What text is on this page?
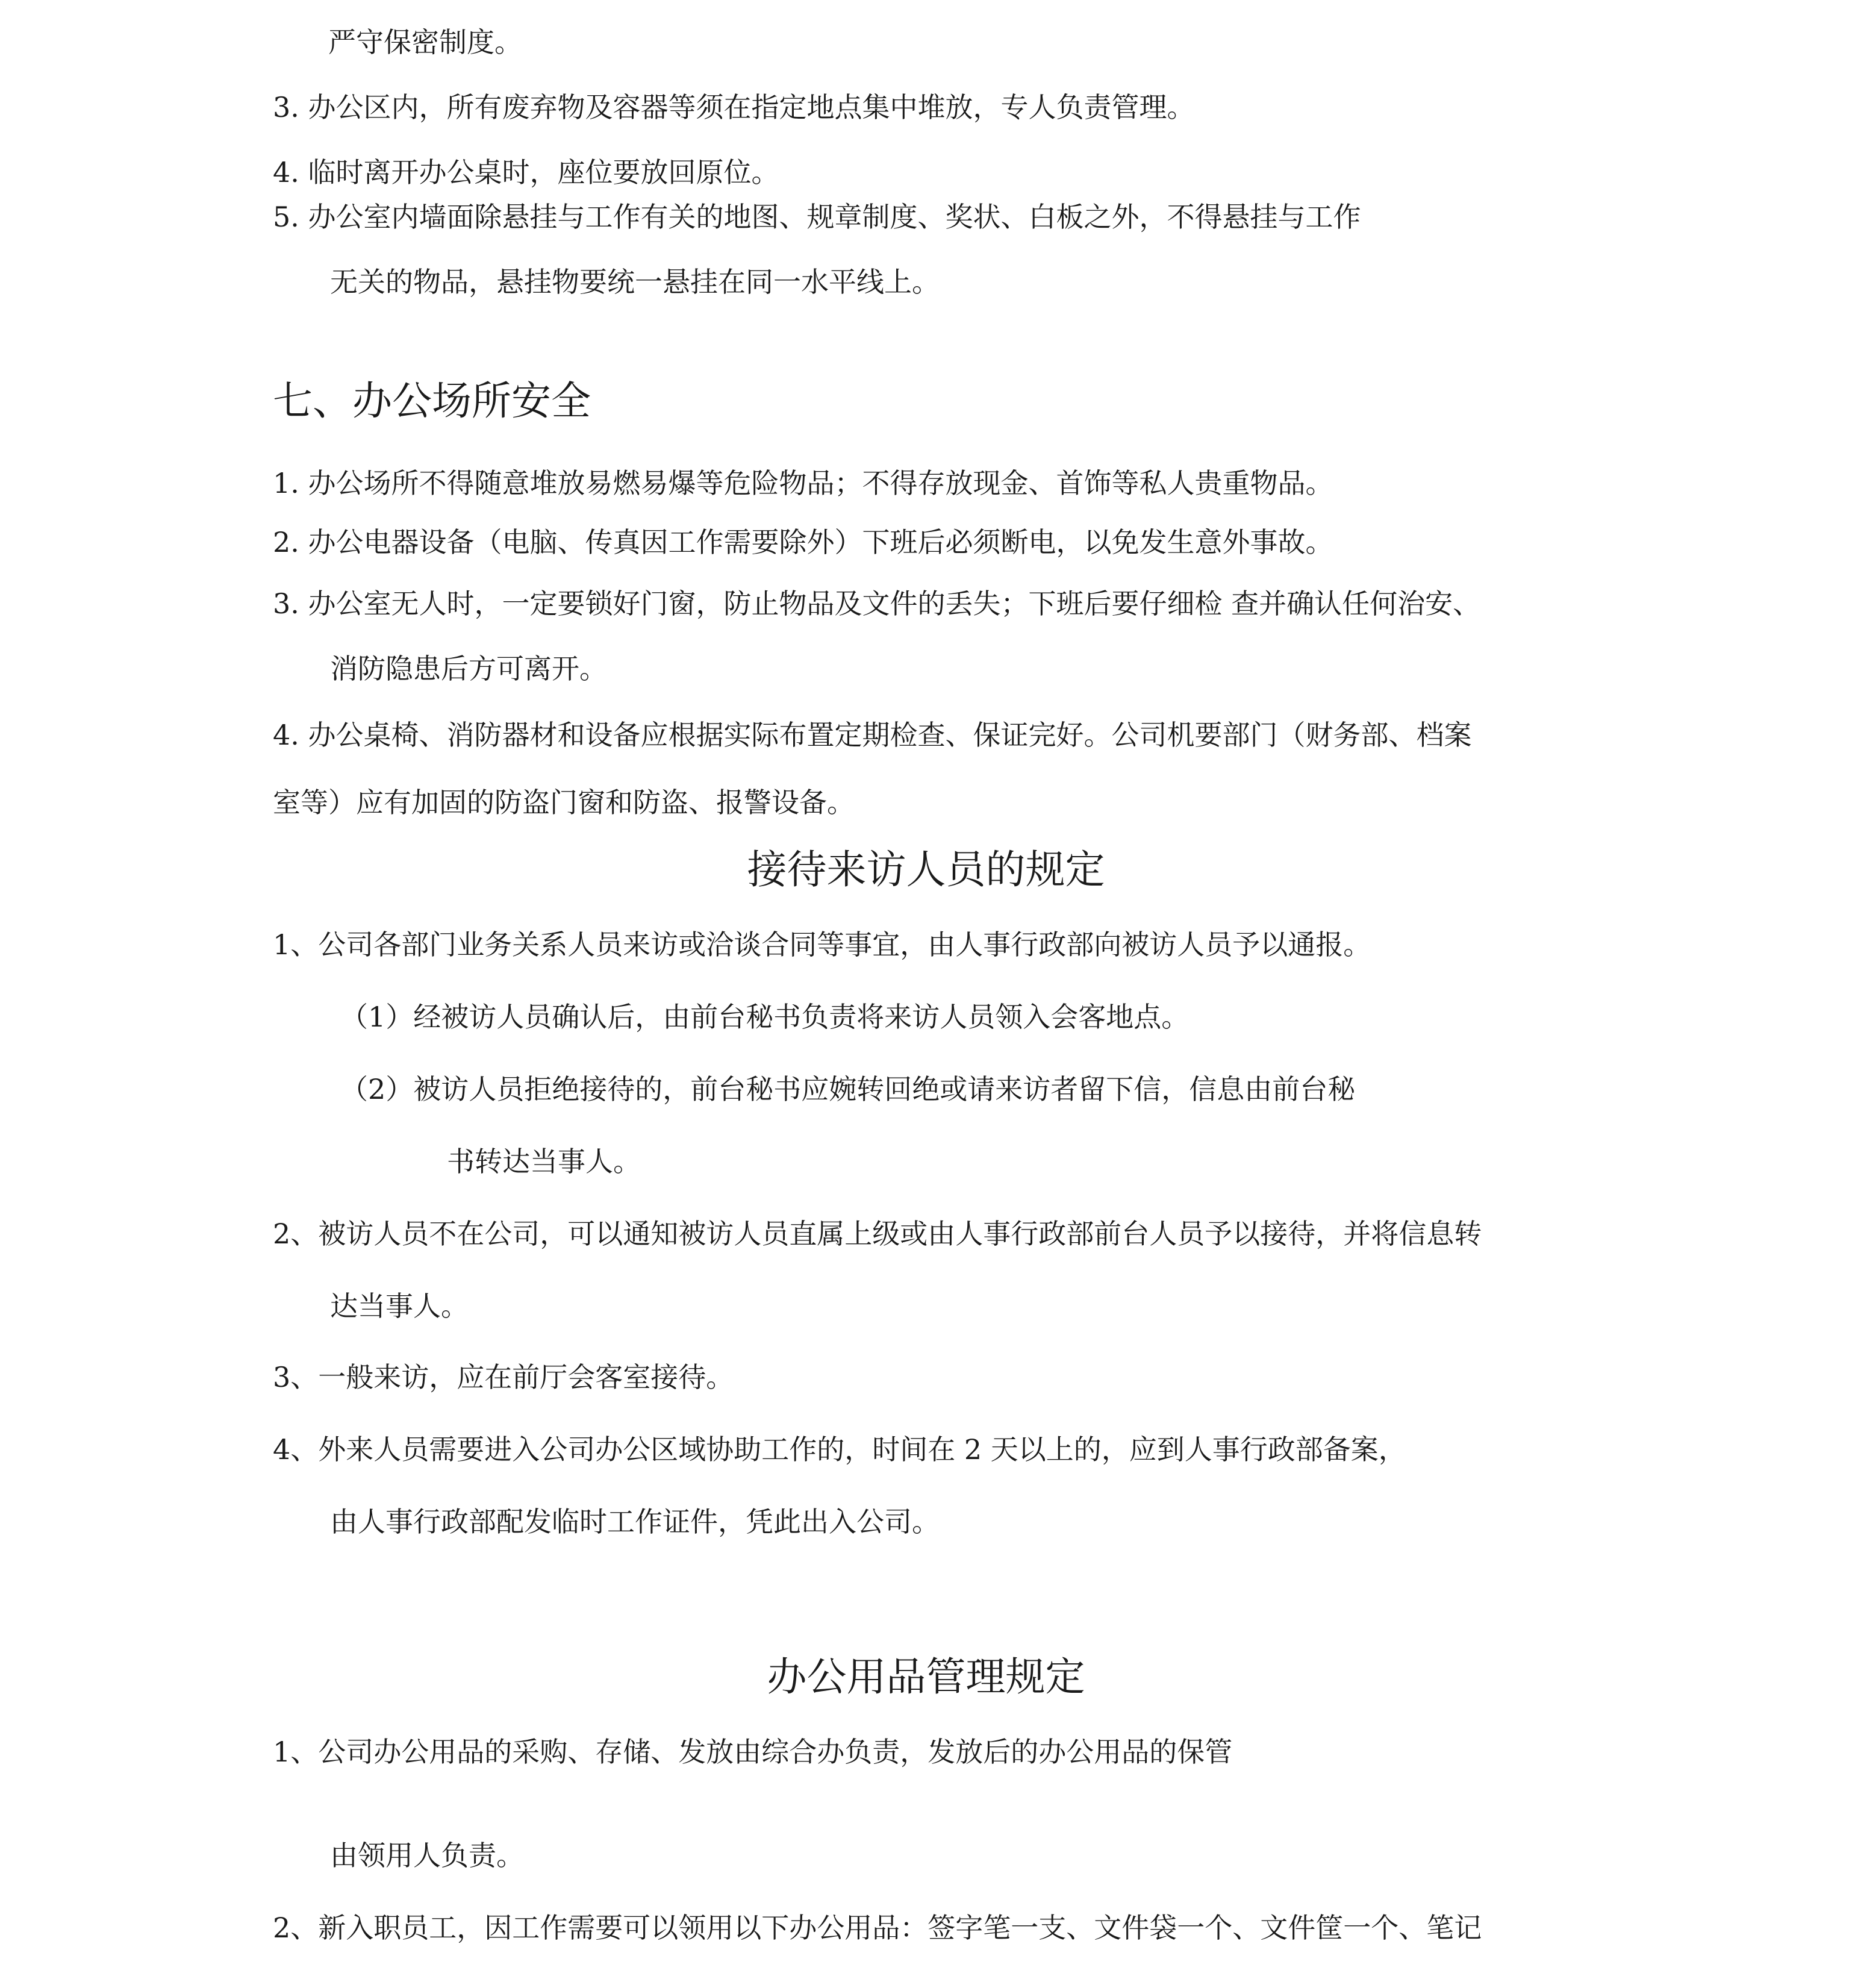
严守保密制度。
3. 办公区内，所有废弃物及容器等须在指定地点集中堆放，专人负责管理。
4. 临时离开办公桌时，座位要放回原位。
5. 办公室内墙面除悬挂与工作有关的地图、规章制度、奖状、白板之外，不得悬挂与工作
无关的物品，悬挂物要统一悬挂在同一水平线上。
七、办公场所安全
1. 办公场所不得随意堆放易燃易爆等危险物品；不得存放现金、首饰等私人贵重物品。
2. 办公电器设备（电脑、传真因工作需要除外）下班后必须断电，以免发生意外事故。
3. 办公室无人时，一定要锁好门窗，防止物品及文件的丢失；下班后要仔细检 查并确认任何治安、
消防隐患后方可离开。
4. 办公桌椅、消防器材和设备应根据实际布置定期检查、保证完好。公司机要部门（财务部、档案
室等）应有加固的防盗门窗和防盗、报警设备。
接待来访人员的规定
1、公司各部门业务关系人员来访或洽谈合同等事宜，由人事行政部向被访人员予以通报。
（1）经被访人员确认后，由前台秘书负责将来访人员领入会客地点。
（2）被访人员拒绝接待的，前台秘书应婉转回绝或请来访者留下信，信息由前台秘
书转达当事人。
2、被访人员不在公司，可以通知被访人员直属上级或由人事行政部前台人员予以接待，并将信息转
达当事人。
3、一般来访，应在前厅会客室接待。
4、外来人员需要进入公司办公区域协助工作的，时间在 2 天以上的，应到人事行政部备案，
由人事行政部配发临时工作证件，凭此出入公司。
办公用品管理规定
1、公司办公用品的采购、存储、发放由综合办负责，发放后的办公用品的保管
由领用人负责。
2、新入职员工，因工作需要可以领用以下办公用品：签字笔一支、文件袋一个、文件筐一个、笔记
